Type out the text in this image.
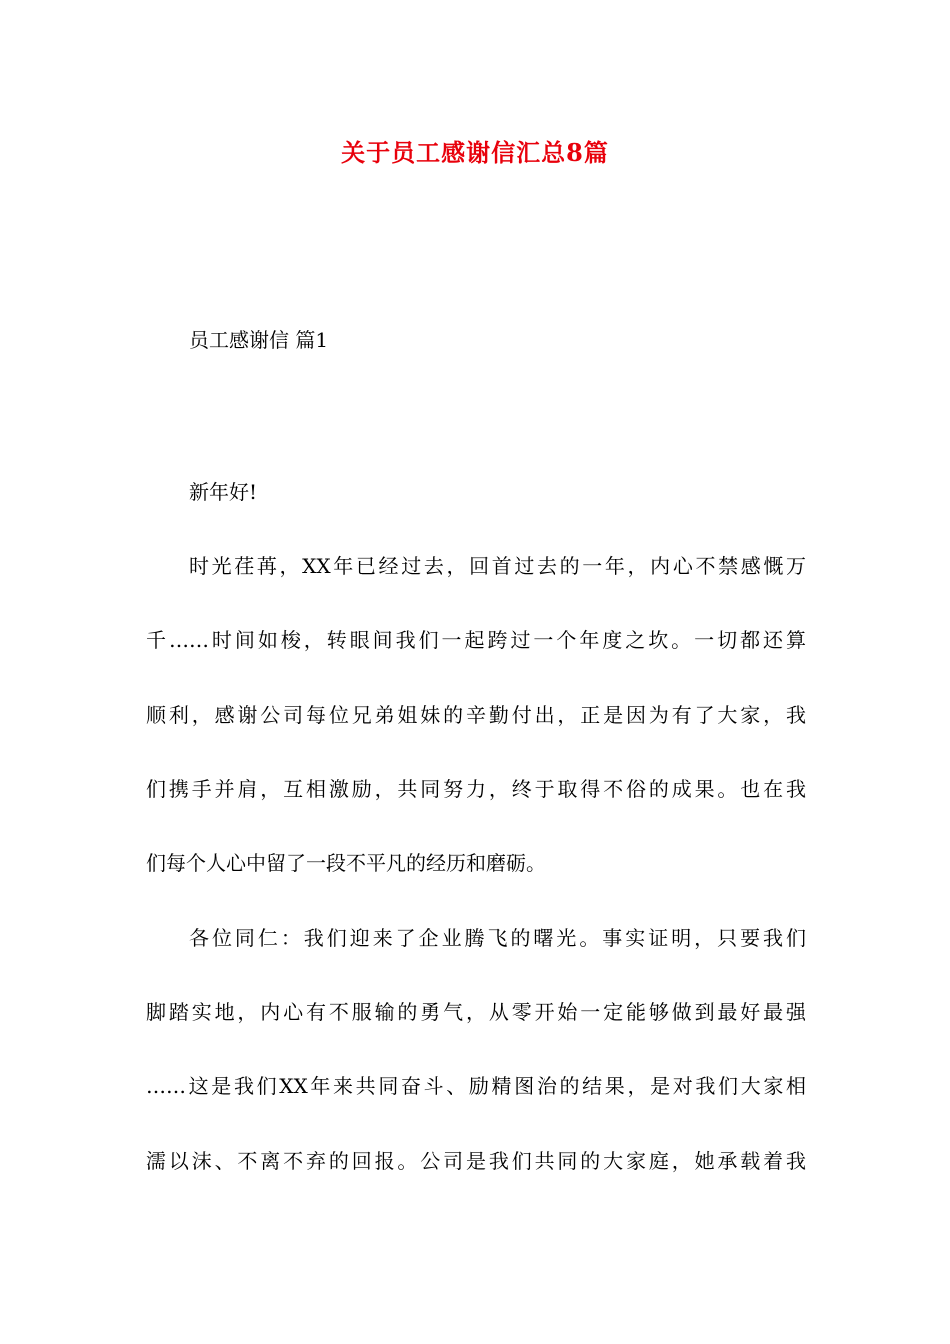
关于员工感谢信汇总8篇
员工感谢信 篇1
新年好!
时光荏苒，XX年已经过去，回首过去的一年，内心不禁感慨万
千……时间如梭，转眼间我们一起跨过一个年度之坎。一切都还算
顺利，感谢公司每位兄弟姐妹的辛勤付出，正是因为有了大家，我
们携手并肩，互相激励，共同努力，终于取得不俗的成果。也在我
们每个人心中留了一段不平凡的经历和磨砺。
各位同仁：我们迎来了企业腾飞的曙光。事实证明，只要我们
脚踏实地，内心有不服输的勇气，从零开始一定能够做到最好最强
……这是我们XX年来共同奋斗、励精图治的结果，是对我们大家相
濡以沫、不离不弃的回报。公司是我们共同的大家庭，她承载着我
